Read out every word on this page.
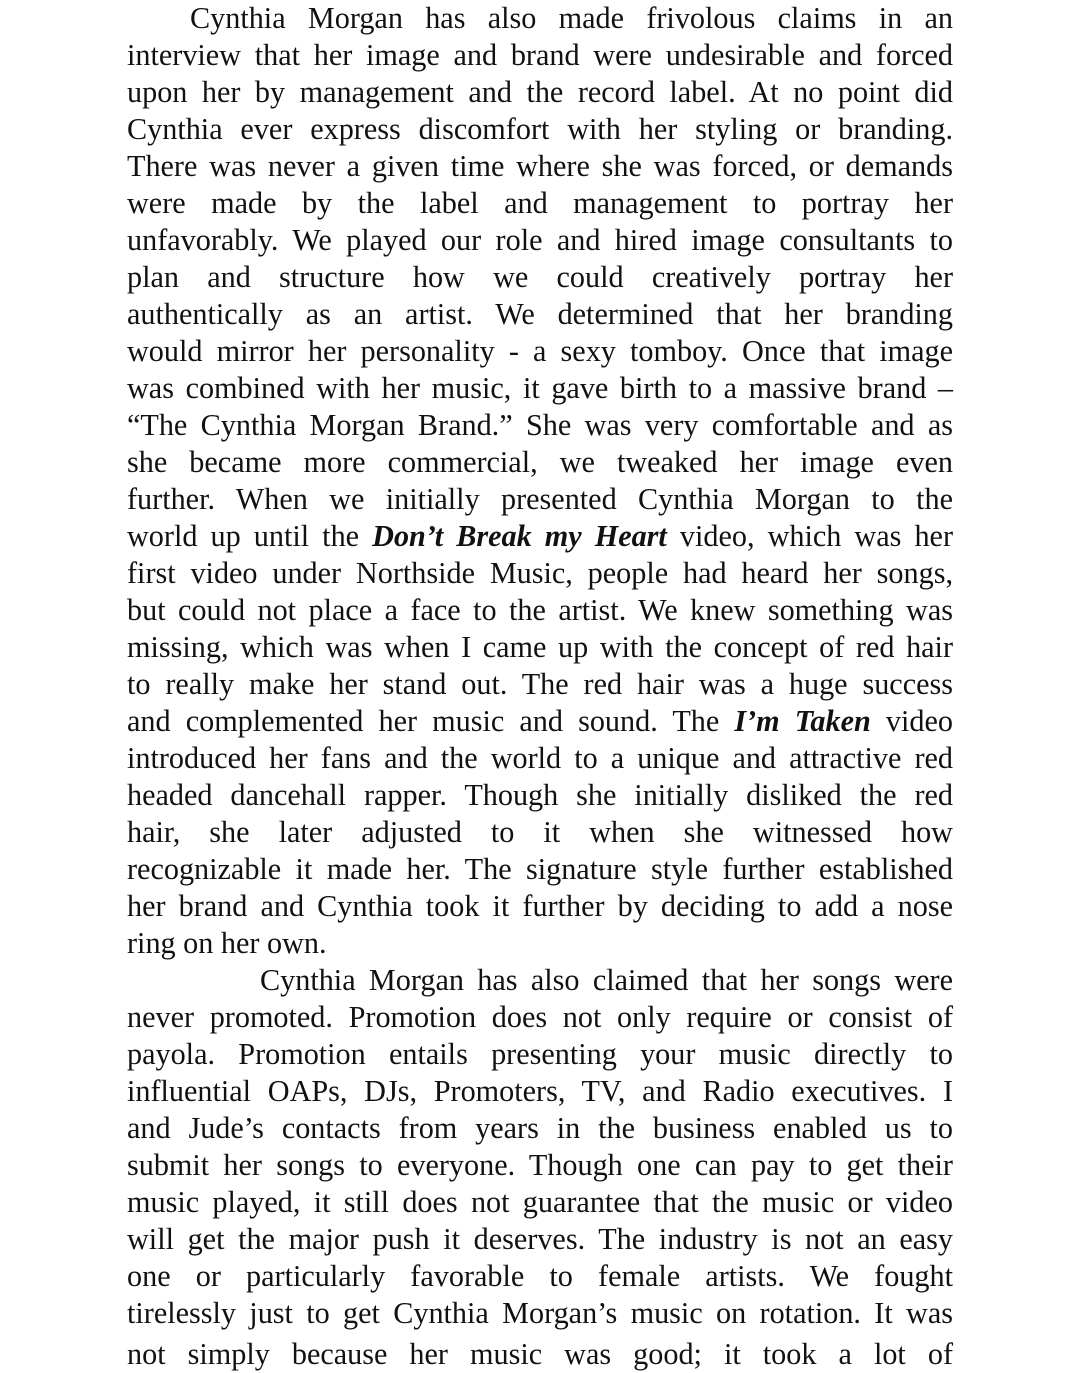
Cynthia Morgan has also made frivolous claims in an
interview that her image and brand were undesirable and forced
upon her by management and the record label. At no point did
Cynthia ever express discomfort with her styling or branding.
There was never a given time where she was forced, or demands
were made by the label and management to portray her
unfavorably. We played our role and hired image consultants to
plan and structure how we could creatively portray her
authentically as an artist. We determined that her branding
would mirror her personality - a sexy tomboy. Once that image
was combined with her music, it gave birth to a massive brand –
“The Cynthia Morgan Brand.” She was very comfortable and as
she became more commercial, we tweaked her image even
further. When we initially presented Cynthia Morgan to the
world up until the Don’t Break my Heart video, which was her
first video under Northside Music, people had heard her songs,
but could not place a face to the artist. We knew something was
missing, which was when I came up with the concept of red hair
to really make her stand out. The red hair was a huge success
and complemented her music and sound. The I’m Taken video
introduced her fans and the world to a unique and attractive red
headed dancehall rapper. Though she initially disliked the red
hair, she later adjusted to it when she witnessed how
recognizable it made her. The signature style further established
her brand and Cynthia took it further by deciding to add a nose
ring on her own.
Cynthia Morgan has also claimed that her songs were
never promoted. Promotion does not only require or consist of
payola. Promotion entails presenting your music directly to
influential OAPs, DJs, Promoters, TV, and Radio executives. I
and Jude’s contacts from years in the business enabled us to
submit her songs to everyone. Though one can pay to get their
music played, it still does not guarantee that the music or video
will get the major push it deserves. The industry is not an easy
one or particularly favorable to female artists. We fought
tirelessly just to get Cynthia Morgan’s music on rotation. It was
not simply because her music was good; it took a lot of
